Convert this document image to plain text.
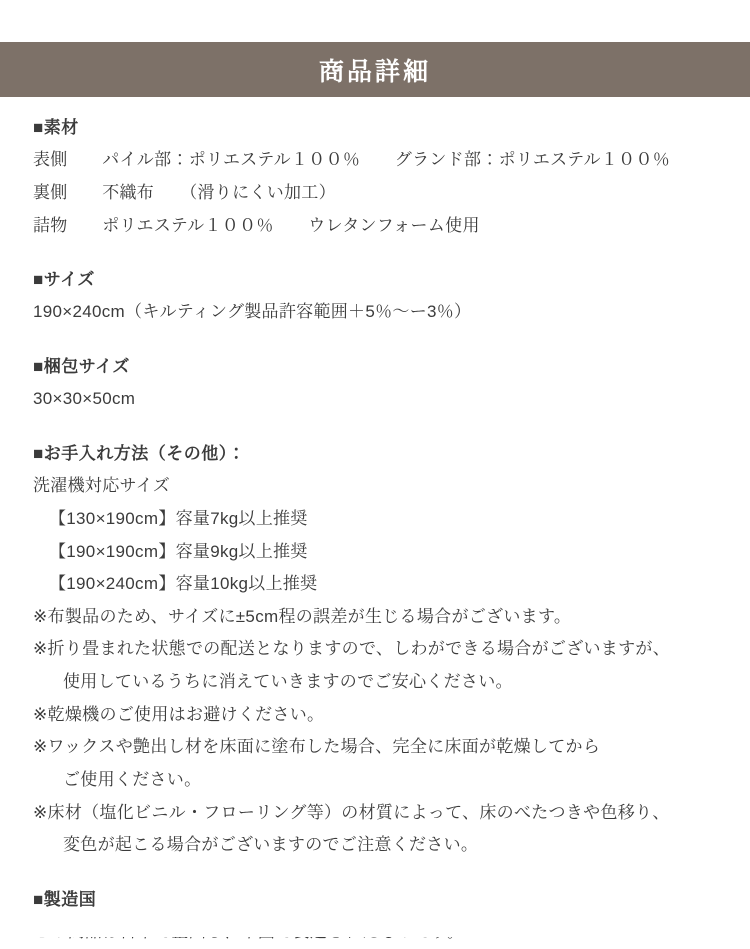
商品詳細
■素材
表側　　パイル部：ポリエステル１００％　　グランド部：ポリエステル１００％
裏側　　不織布　　（滑りにくい加工）
詰物　　ポリエステル１００％　　ウレタンフォーム使用
■サイズ
190×240cm（キルティング製品許容範囲＋5％〜ー3％）
■梱包サイズ
30×30×50cm
■お手入れ方法（その他）：
洗濯機対応サイズ
【130×190cm】容量7kg以上推奨
【190×190cm】容量9kg以上推奨
【190×240cm】容量10kg以上推奨
※布製品のため、サイズに±5cm程の誤差が生じる場合がございます。
※折り畳まれた状態での配送となりますので、しわができる場合がございますが、
使用しているうちに消えていきますのでご安心ください。
※乾燥機のご使用はお避けください。
※ワックスや艶出し材を床面に塗布した場合、完全に床面が乾燥してから
ご使用ください。
※床材（塩化ビニル・フローリング等）の材質によって、床のべたつきや色移り、
変色が起こる場合がございますのでご注意ください。
■製造国
